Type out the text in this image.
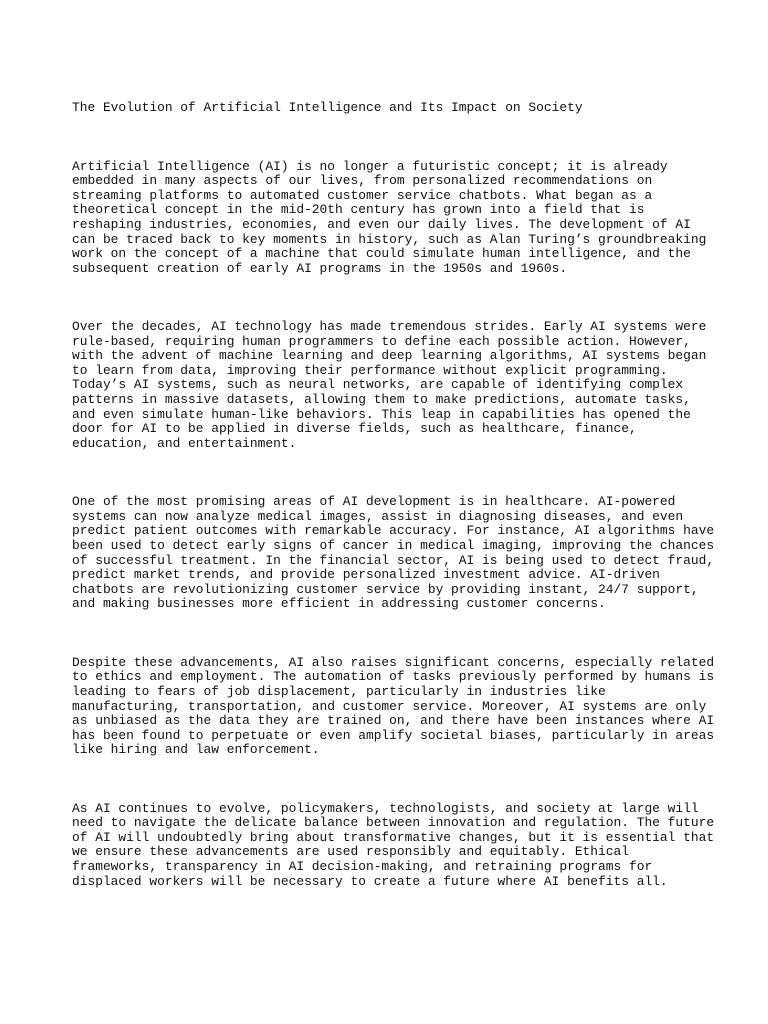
The Evolution of Artificial Intelligence and Its Impact on Society

Artificial Intelligence (AI) is no longer a futuristic concept; it is already
embedded in many aspects of our lives, from personalized recommendations on
streaming platforms to automated customer service chatbots. What began as a
theoretical concept in the mid-20th century has grown into a field that is
reshaping industries, economies, and even our daily lives. The development of AI
can be traced back to key moments in history, such as Alan Turing’s groundbreaking
work on the concept of a machine that could simulate human intelligence, and the
subsequent creation of early AI programs in the 1950s and 1960s.

Over the decades, AI technology has made tremendous strides. Early AI systems were
rule-based, requiring human programmers to define each possible action. However,
with the advent of machine learning and deep learning algorithms, AI systems began
to learn from data, improving their performance without explicit programming.
Today’s AI systems, such as neural networks, are capable of identifying complex
patterns in massive datasets, allowing them to make predictions, automate tasks,
and even simulate human-like behaviors. This leap in capabilities has opened the
door for AI to be applied in diverse fields, such as healthcare, finance,
education, and entertainment.

One of the most promising areas of AI development is in healthcare. AI-powered
systems can now analyze medical images, assist in diagnosing diseases, and even
predict patient outcomes with remarkable accuracy. For instance, AI algorithms have
been used to detect early signs of cancer in medical imaging, improving the chances
of successful treatment. In the financial sector, AI is being used to detect fraud,
predict market trends, and provide personalized investment advice. AI-driven
chatbots are revolutionizing customer service by providing instant, 24/7 support,
and making businesses more efficient in addressing customer concerns.

Despite these advancements, AI also raises significant concerns, especially related
to ethics and employment. The automation of tasks previously performed by humans is
leading to fears of job displacement, particularly in industries like
manufacturing, transportation, and customer service. Moreover, AI systems are only
as unbiased as the data they are trained on, and there have been instances where AI
has been found to perpetuate or even amplify societal biases, particularly in areas
like hiring and law enforcement.

As AI continues to evolve, policymakers, technologists, and society at large will
need to navigate the delicate balance between innovation and regulation. The future
of AI will undoubtedly bring about transformative changes, but it is essential that
we ensure these advancements are used responsibly and equitably. Ethical
frameworks, transparency in AI decision-making, and retraining programs for
displaced workers will be necessary to create a future where AI benefits all.
